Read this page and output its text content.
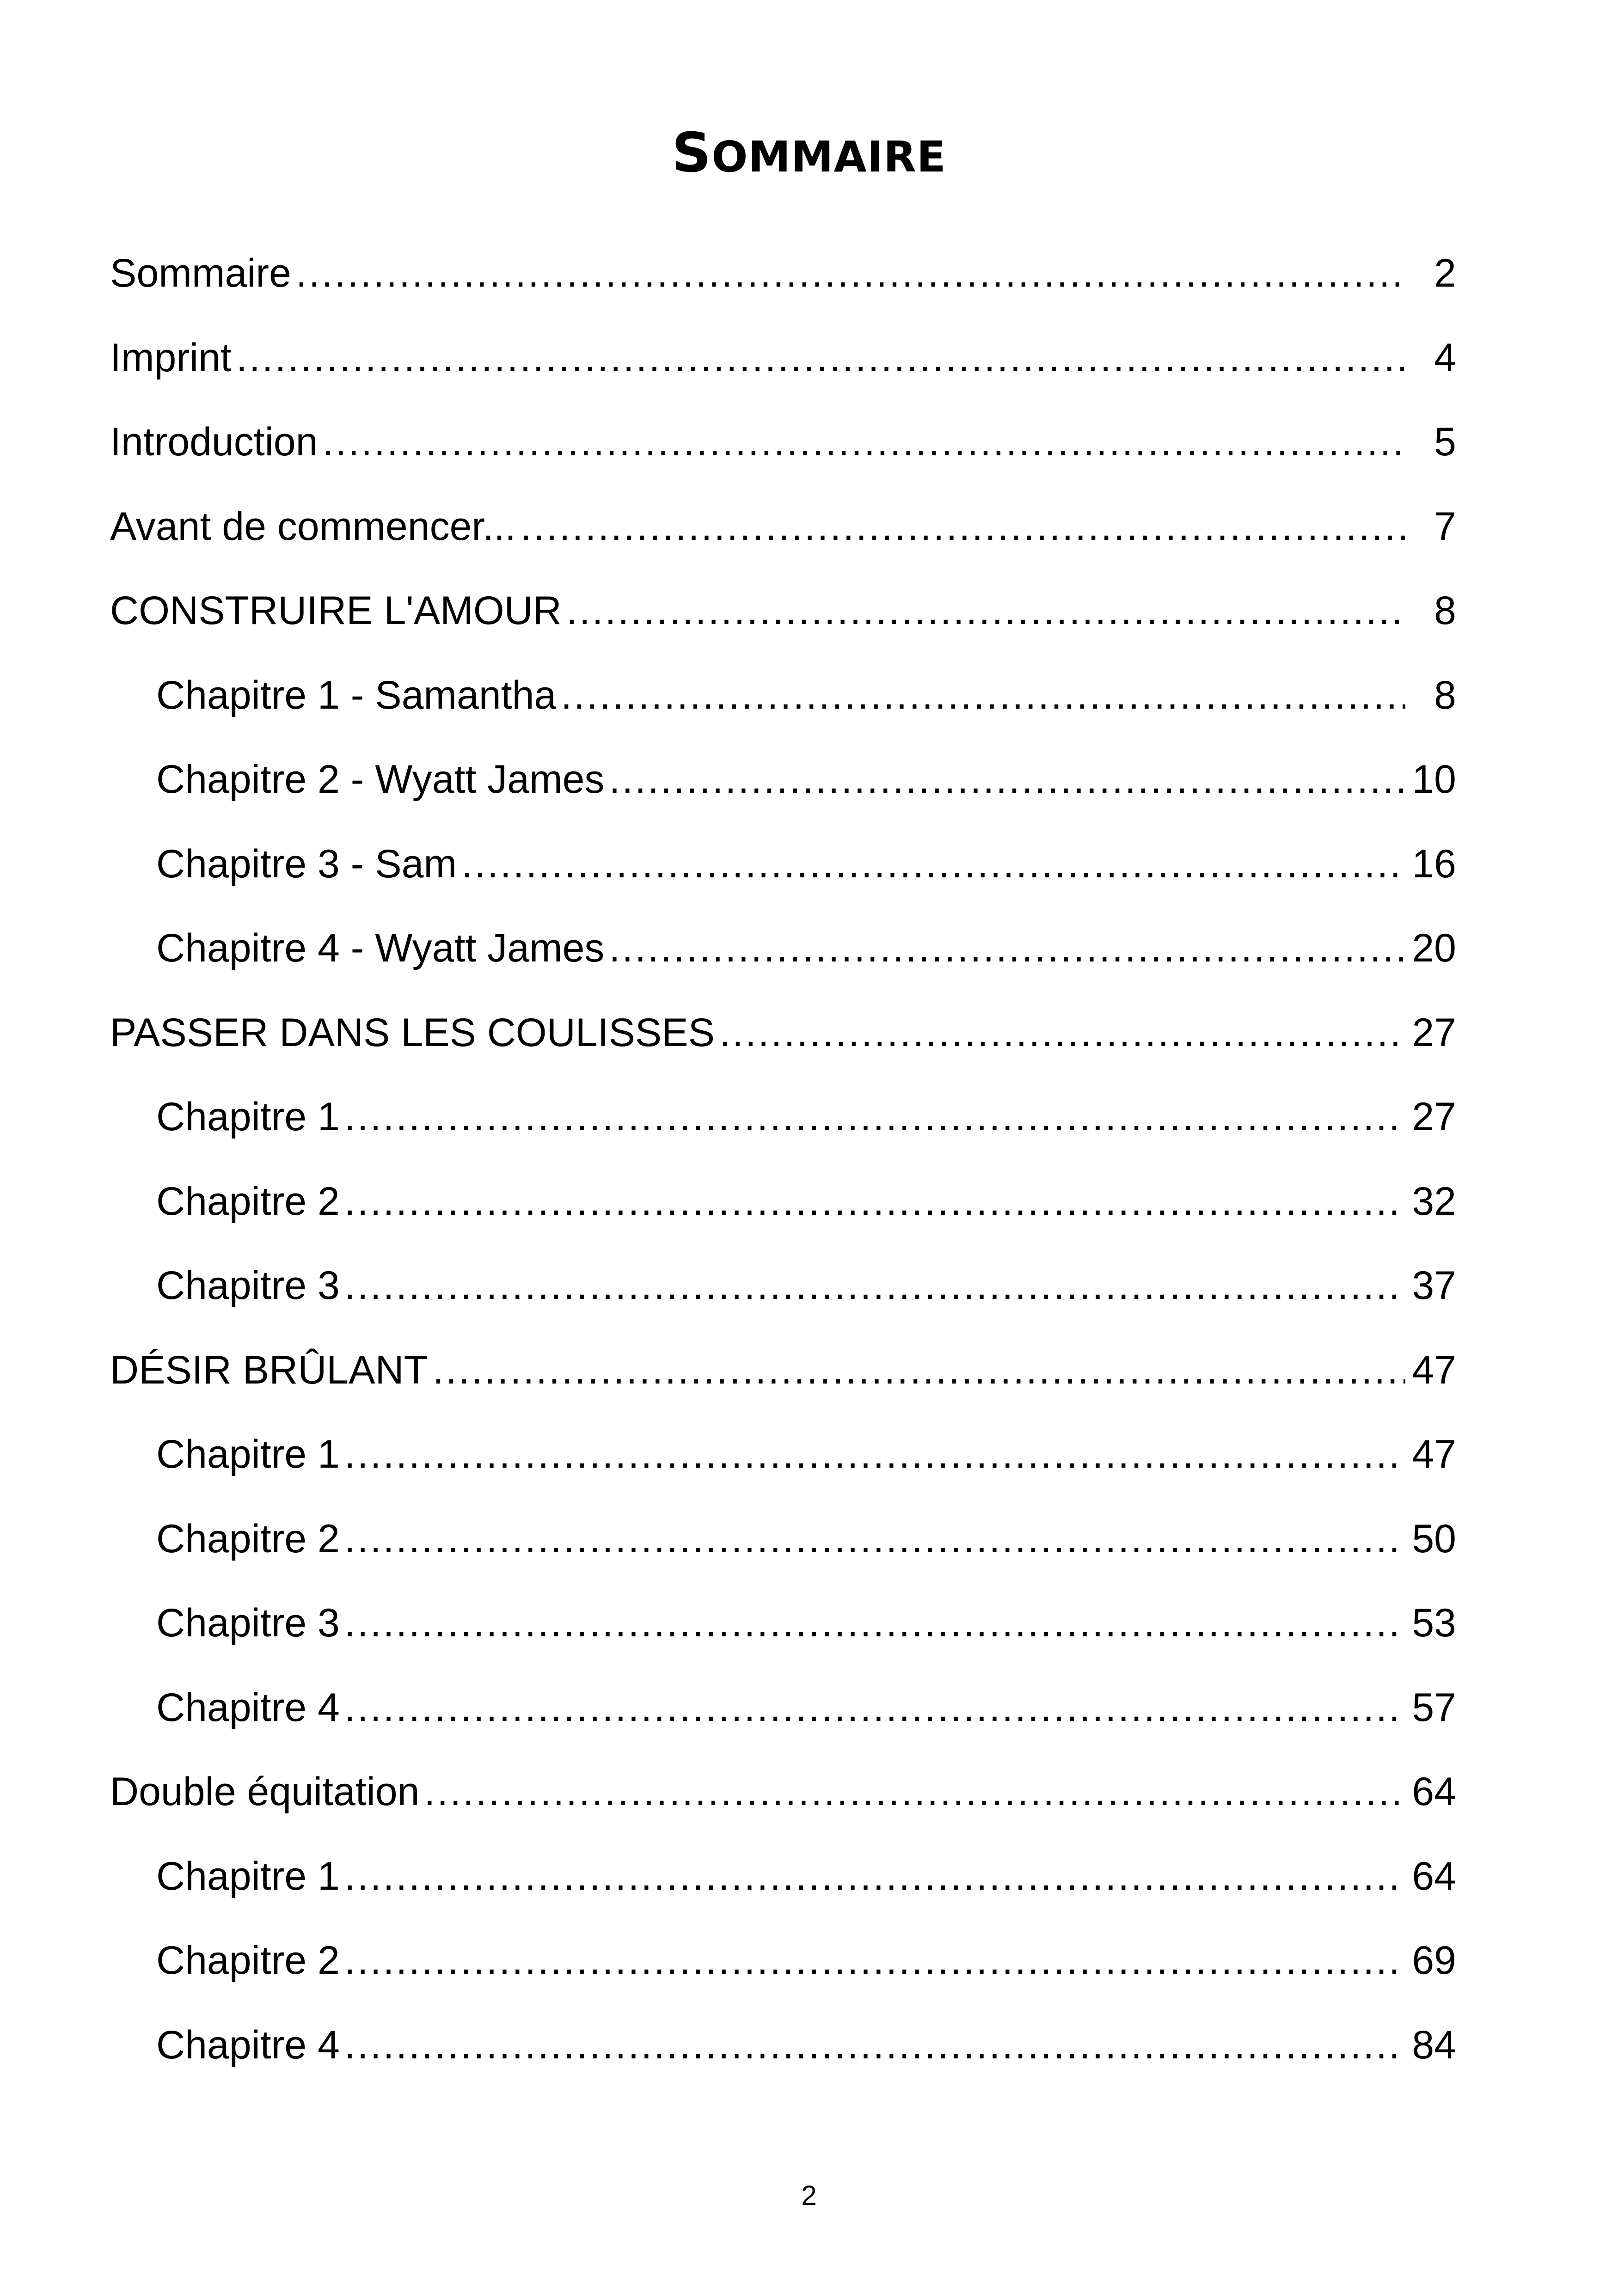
SOMMAIRE
Sommaire .....	2
Imprint .....	4
Introduction .....	5
Avant de commencer... .....	7
CONSTRUIRE L'AMOUR .....	8
Chapitre 1 - Samantha .....	8
Chapitre 2 - Wyatt James .....	10
Chapitre 3 - Sam .....	16
Chapitre 4 - Wyatt James .....	20
PASSER DANS LES COULISSES .....	27
Chapitre 1 .....	27
Chapitre 2 .....	32
Chapitre 3 .....	37
DÉSIR BRÛLANT .....	47
Chapitre 1 .....	47
Chapitre 2 .....	50
Chapitre 3 .....	53
Chapitre 4 .....	57
Double équitation .....	64
Chapitre 1 .....	64
Chapitre 2 .....	69
Chapitre 4 .....	84
2
